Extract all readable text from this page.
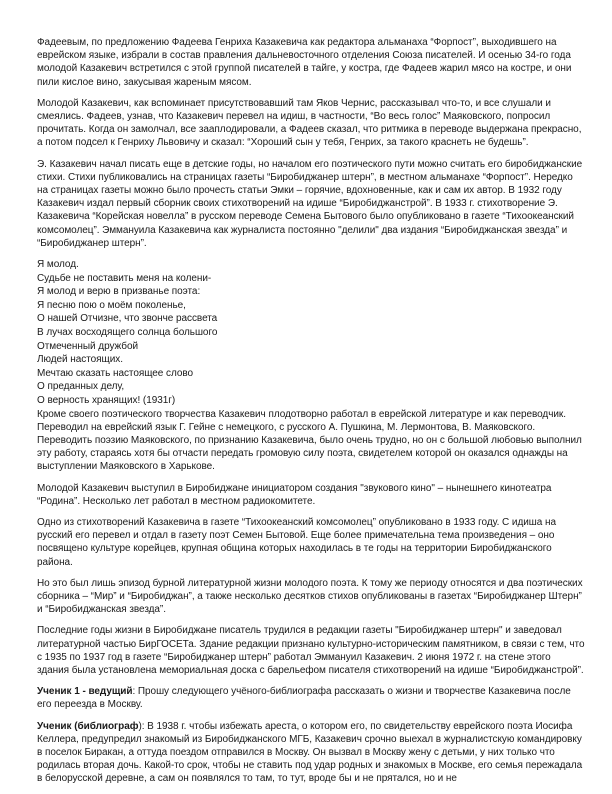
Фадеевым, по предложению Фадеева Генриха Казакевича как редактора альманаха “Форпост”, выходившего на еврейском языке, избрали в состав правления дальневосточного отделения Союза писателей. И осенью 34-го года молодой Казакевич встретился с этой группой писателей в тайге, у костра, где Фадеев жарил мясо на костре, и они пили кислое вино, закусывая жареным мясом.

Молодой Казакевич, как вспоминает присутствовавший там Яков Чернис, рассказывал что-то, и все слушали и смеялись. Фадеев, узнав, что Казакевич перевел на идиш, в частности, “Во весь голос” Маяковского, попросил прочитать. Когда он замолчал, все зааплодировали, а Фадеев сказал, что ритмика в переводе выдержана прекрасно, а потом подсел к Генриху Львовичу и сказал: “Хороший сын у тебя, Генрих, за такого краснеть не будешь”.

Э. Казакевич начал писать еще в детские годы, но началом его поэтического пути можно считать его биробиджанские стихи. Стихи публиковались на страницах газеты “Биробиджанер штерн”, в местном альманахе “Форпост”. Нередко на страницах газеты можно было прочесть статьи Эмки – горячие, вдохновенные, как и сам их автор. В 1932 году Казакевич издал первый сборник своих стихотворений на идише “Биробиджанстрой”. В 1933 г. стихотворение Э. Казакевича “Корейская новелла” в русском переводе Семена Бытового было опубликовано в газете “Тихоокеанский комсомолец”. Эммануила Казакевича как журналиста постоянно "делили" два издания “Биробиджанская звезда” и “Биробиджанер штерн”.

Я молод.
Судьбе не поставить меня на колени-
Я молод и верю в призванье поэта:
Я песню пою о моём поколенье,
О нашей Отчизне, что звонче рассвета
В лучах восходящего солнца большого
Отмеченный дружбой
Людей настоящих.
Мечтаю сказать настоящее слово
О преданных делу,
О верность хранящих! (1931г)

Кроме своего поэтического творчества Казакевич плодотворно работал в еврейской литературе и как переводчик. Переводил на еврейский язык Г. Гейне с немецкого, с русского А. Пушкина, М. Лермонтова, В. Маяковского. Переводить поэзию Маяковского, по признанию Казакевича, было очень трудно, но он с большой любовью выполнил эту работу, стараясь хотя бы отчасти передать громовую силу поэта, свидетелем которой он оказался однажды на выступлении Маяковского в Харькове.

Молодой Казакевич выступил в Биробиджане инициатором создания "звукового кино" – нынешнего кинотеатра “Родина”. Несколько лет работал в местном радиокомитете.

Одно из стихотворений Казакевича в газете “Тихоокеанский комсомолец” опубликовано в 1933 году. С идиша на русский его перевел и отдал в газету поэт Семен Бытовой. Еще более примечательна тема произведения – оно посвящено культуре корейцев, крупная община которых находилась в те годы на территории Биробиджанского района.

Но это был лишь эпизод бурной литературной жизни молодого поэта. К тому же периоду относятся и два поэтических сборника – “Мир” и “Биробиджан”, а также несколько десятков стихов опубликованы в газетах “Биробиджанер Штерн” и “Биробиджанская звезда”.

Последние годы жизни в Биробиджане писатель трудился в редакции газеты "Биробиджанер штерн" и заведовал литературной частью БирГОСЕТа. Здание редакции признано культурно-историческим памятником, в связи с тем, что с 1935 по 1937 год в газете “Биробиджанер штерн” работал Эммануил Казакевич. 2 июня 1972 г. на стене этого здания была установлена мемориальная доска с барельефом писателя стихотворений на идише “Биробиджанстрой”.

Ученик 1 - ведущий: Прошу следующего учёного-библиографа рассказать о жизни и творчестве Казакевича после его переезда в Москву.

Ученик (библиограф): В 1938 г. чтобы избежать ареста, о котором его, по свидетельству еврейского поэта Иосифа Келлера, предупредил знакомый из Биробиджанского МГБ, Казакевич срочно выехал в журналистскую командировку в поселок Биракан, а оттуда поездом отправился в Москву. Он вызвал в Москву жену с детьми, у них только что родилась вторая дочь. Какой-то срок, чтобы не ставить под удар родных и знакомых в Москве, его семья пережадала в белорусской деревне, а сам он появлялся то там, то тут, вроде бы и не прятался, но и не
